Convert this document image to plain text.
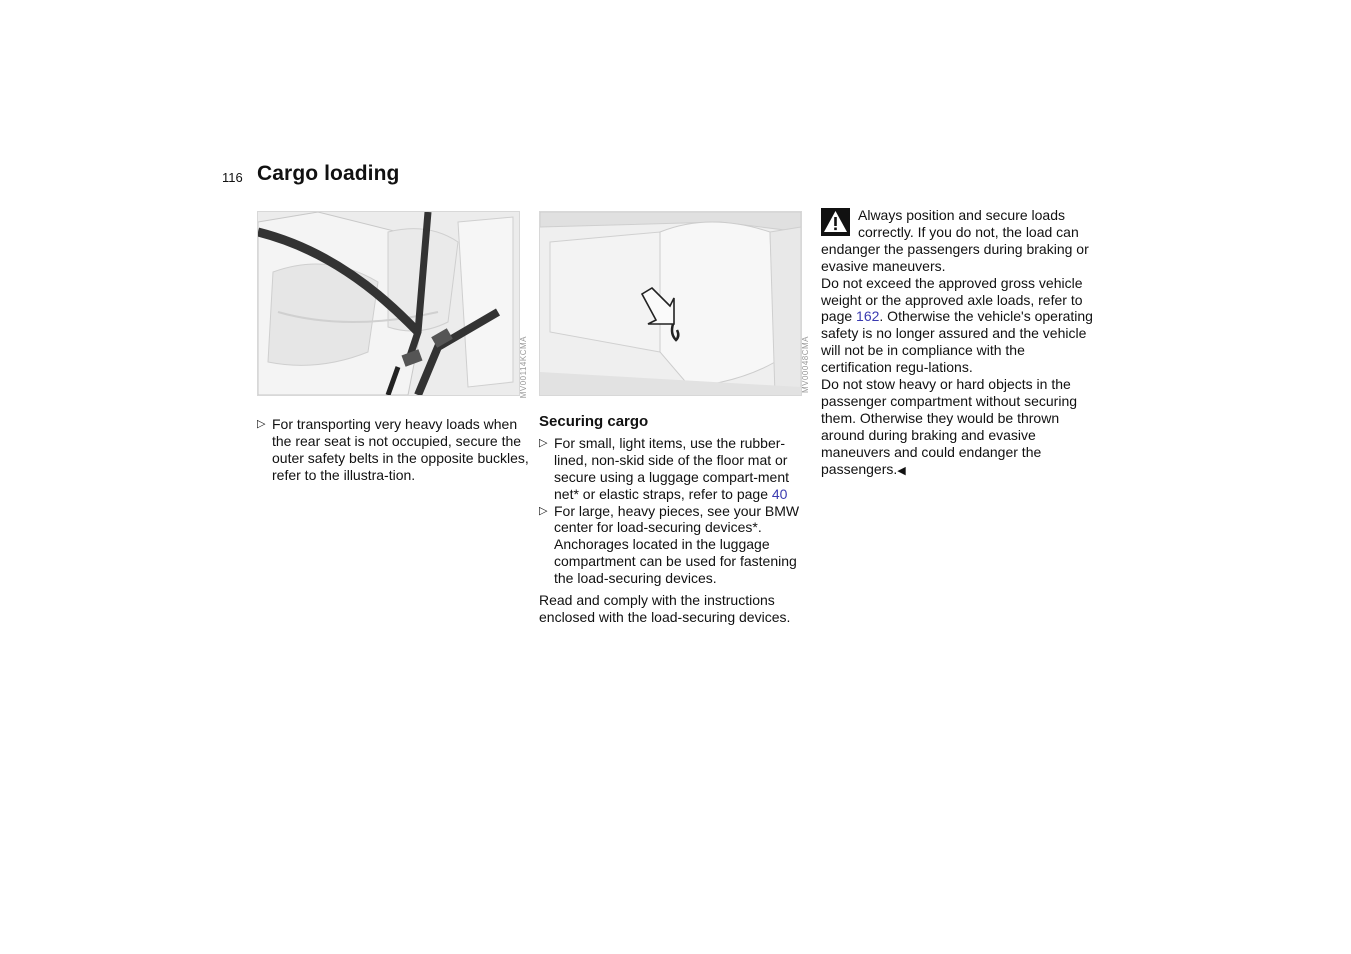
116 Cargo loading
MV00114KCMA	MV00048CMA
▷ For transporting very heavy loads when the rear seat is not occupied, secure the outer safety belts in the opposite buckles, refer to the illustra-tion.
Securing cargo
▷ For small, light items, use the rubber-lined, non-skid side of the floor mat or secure using a luggage compart-ment net* or elastic straps, refer to page 40
▷ For large, heavy pieces, see your BMW center for load-securing devices*. Anchorages located in the luggage compartment can be used for fastening the load-securing devices.

Read and comply with the instructions enclosed with the load-securing devices.

Always position and secure loads correctly. If you do not, the load can endanger the passengers during braking or evasive maneuvers.

Do not exceed the approved gross vehicle weight or the approved axle loads, refer to page 162. Otherwise the vehicle's operating safety is no longer assured and the vehicle will not be in compliance with the certification regu-lations.

Do not stow heavy or hard objects in the passenger compartment without securing them. Otherwise they would be thrown around during braking and evasive maneuvers and could endanger the passengers.◀
